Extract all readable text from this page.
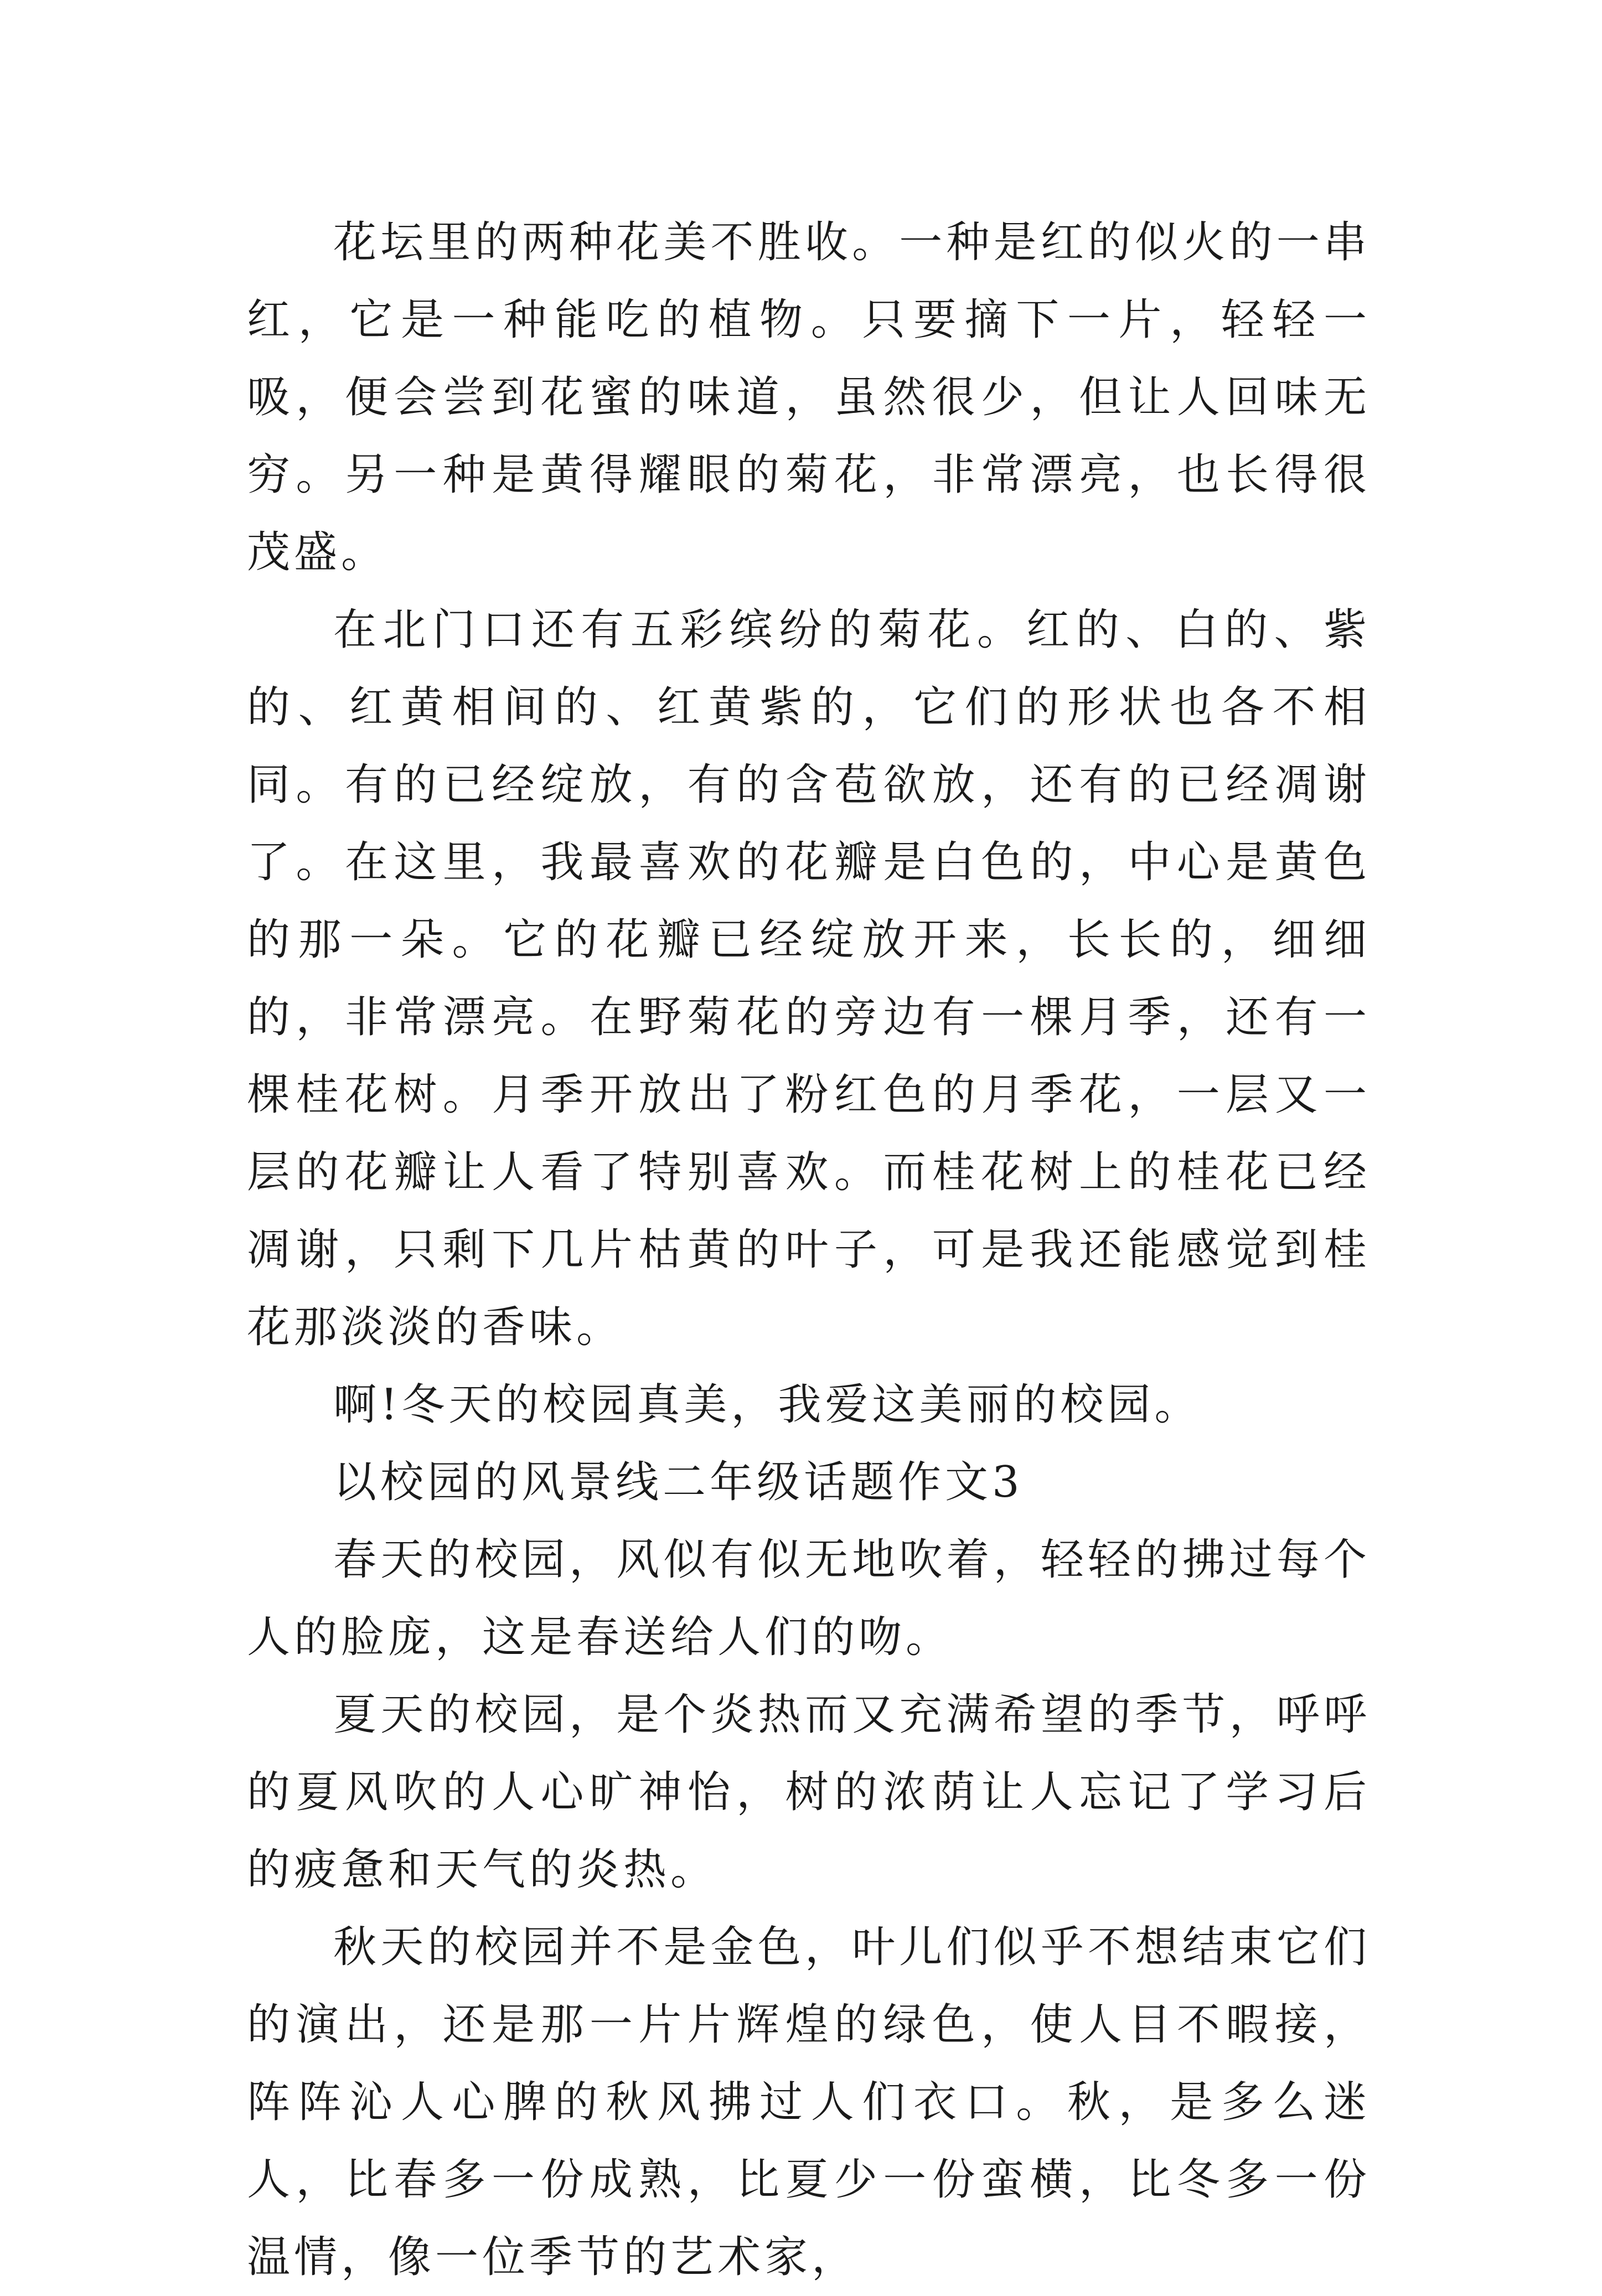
花坛里的两种花美不胜收。一种是红的似火的一串红，它是一种能吃的植物。只要摘下一片，轻轻一吸，便会尝到花蜜的味道，虽然很少，但让人回味无穷。另一种是黄得耀眼的菊花，非常漂亮，也长得很茂盛。

在北门口还有五彩缤纷的菊花。红的、白的、紫的、红黄相间的、红黄紫的，它们的形状也各不相同。有的已经绽放，有的含苞欲放，还有的已经凋谢了。在这里，我最喜欢的花瓣是白色的，中心是黄色的那一朵。它的花瓣已经绽放开来，长长的，细细的，非常漂亮。在野菊花的旁边有一棵月季，还有一棵桂花树。月季开放出了粉红色的月季花，一层又一层的花瓣让人看了特别喜欢。而桂花树上的桂花已经凋谢，只剩下几片枯黄的叶子，可是我还能感觉到桂花那淡淡的香味。

啊!冬天的校园真美，我爱这美丽的校园。

以校园的风景线二年级话题作文3

春天的校园，风似有似无地吹着，轻轻的拂过每个人的脸庞，这是春送给人们的吻。

夏天的校园，是个炎热而又充满希望的季节，呼呼的夏风吹的人心旷神怡，树的浓荫让人忘记了学习后的疲惫和天气的炎热。

秋天的校园并不是金色，叶儿们似乎不想结束它们的演出，还是那一片片辉煌的绿色，使人目不暇接，阵阵沁人心脾的秋风拂过人们衣口。秋，是多么迷人，比春多一份成熟，比夏少一份蛮横，比冬多一份温情，像一位季节的艺术家，
